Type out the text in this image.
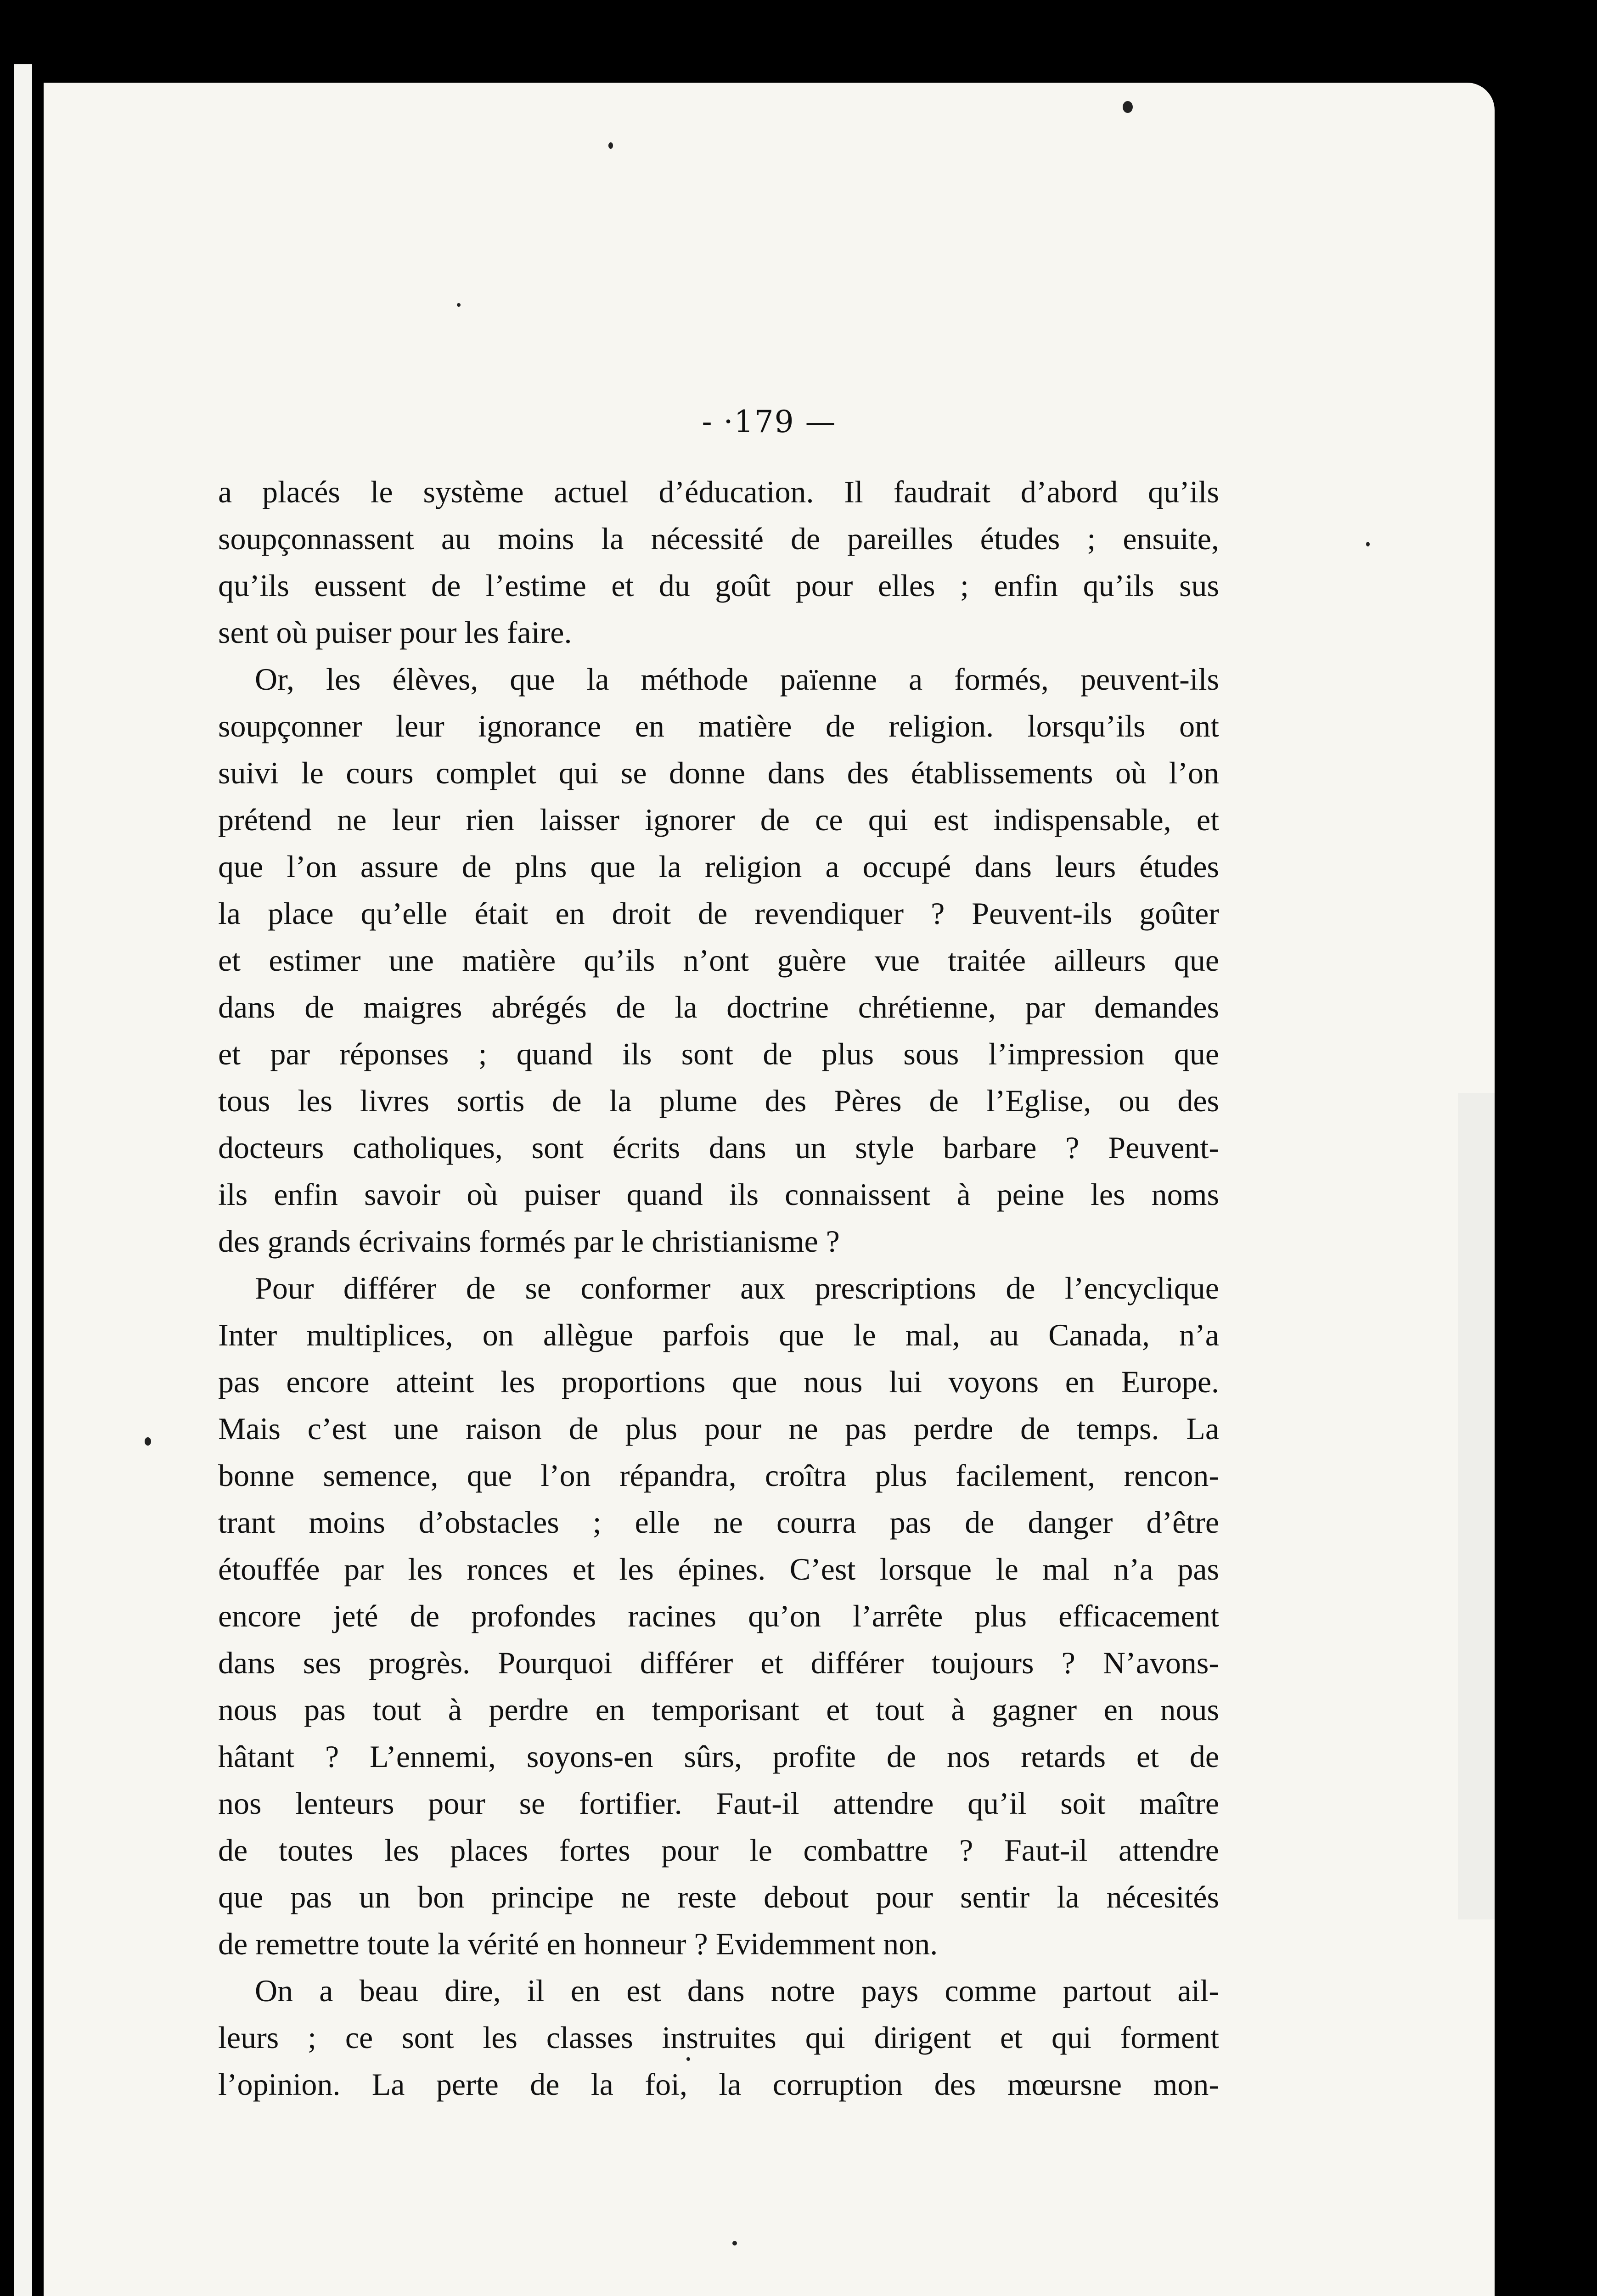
- ·179 —
a placés le système actuel d’éducation. Il faudrait d’abord qu’ils
soupçonnassent au moins la nécessité de pareilles études ; ensuite,
qu’ils eussent de l’estime et du goût pour elles ; enfin qu’ils sus
sent où puiser pour les faire.
Or, les élèves, que la méthode païenne a formés, peuvent-ils
soupçonner leur ignorance en matière de religion. lorsqu’ils ont
suivi le cours complet qui se donne dans des établissements où l’on
prétend ne leur rien laisser ignorer de ce qui est indispensable, et
que l’on assure de plns que la religion a occupé dans leurs études
la place qu’elle était en droit de revendiquer ? Peuvent-ils goûter
et estimer une matière qu’ils n’ont guère vue traitée ailleurs que
dans de maigres abrégés de la doctrine chrétienne, par demandes
et par réponses ; quand ils sont de plus sous l’impression que
tous les livres sortis de la plume des Pères de l’Eglise, ou des
docteurs catholiques, sont écrits dans un style barbare ? Peuvent-
ils enfin savoir où puiser quand ils connaissent à peine les noms
des grands écrivains formés par le christianisme ?
Pour différer de se conformer aux prescriptions de l’encyclique
Inter multiplices, on allègue parfois que le mal, au Canada, n’a
pas encore atteint les proportions que nous lui voyons en Europe.
Mais c’est une raison de plus pour ne pas perdre de temps. La
bonne semence, que l’on répandra, croîtra plus facilement, rencon-
trant moins d’obstacles ; elle ne courra pas de danger d’être
étouffée par les ronces et les épines. C’est lorsque le mal n’a pas
encore jeté de profondes racines qu’on l’arrête plus efficacement
dans ses progrès. Pourquoi différer et différer toujours ? N’avons-
nous pas tout à perdre en temporisant et tout à gagner en nous
hâtant ? L’ennemi, soyons-en sûrs, profite de nos retards et de
nos lenteurs pour se fortifier. Faut-il attendre qu’il soit maître
de toutes les places fortes pour le combattre ? Faut-il attendre
que pas un bon principe ne reste debout pour sentir la nécesités
de remettre toute la vérité en honneur ? Evidemment non.
On a beau dire, il en est dans notre pays comme partout ail-
leurs ; ce sont les classes instruites qui dirigent et qui forment
l’opinion. La perte de la foi, la corruption des mœursne mon-
